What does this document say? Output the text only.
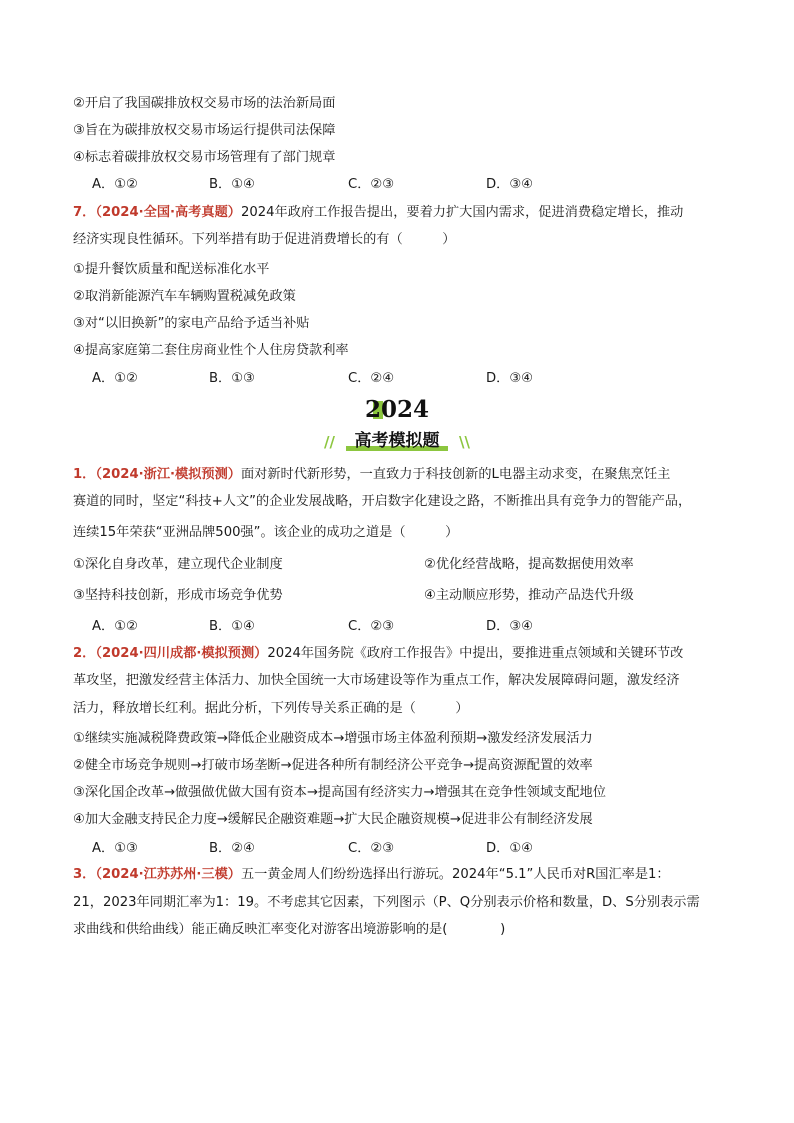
②开启了我国碳排放权交易市场的法治新局面
③旨在为碳排放权交易市场运行提供司法保障
④标志着碳排放权交易市场管理有了部门规章
A．①②	B．①④	C．②③	D．③④
7．（2024·全国·高考真题）2024年政府工作报告提出，要着力扩大国内需求，促进消费稳定增长，推动
经济实现良性循环。下列举措有助于促进消费增长的有（　　　）
①提升餐饮质量和配送标准化水平
②取消新能源汽车车辆购置税减免政策
③对“以旧换新”的家电产品给予适当补贴
④提高家庭第二套住房商业性个人住房贷款利率
A．①②	B．①③	C．②④	D．③④
2024
//	高考模拟题	\\
1．（2024·浙江·模拟预测）面对新时代新形势，一直致力于科技创新的L电器主动求变，在聚焦烹饪主
赛道的同时，坚定“科技+人文”的企业发展战略，开启数字化建设之路，不断推出具有竞争力的智能产品，
连续15年荣获“亚洲品牌500强”。该企业的成功之道是（　　　）
①深化自身改革，建立现代企业制度	②优化经营战略，提高数据使用效率
③坚持科技创新，形成市场竞争优势	④主动顺应形势，推动产品迭代升级
A．①②	B．①④	C．②③	D．③④
2．（2024·四川成都·模拟预测）2024年国务院《政府工作报告》中提出，要推进重点领域和关键环节改
革攻坚，把激发经营主体活力、加快全国统一大市场建设等作为重点工作，解决发展障碍问题，激发经济
活力，释放增长红利。据此分析，下列传导关系正确的是（　　　）
①继续实施减税降费政策→降低企业融资成本→增强市场主体盈利预期→激发经济发展活力
②健全市场竞争规则→打破市场垄断→促进各种所有制经济公平竞争→提高资源配置的效率
③深化国企改革→做强做优做大国有资本→提高国有经济实力→增强其在竞争性领域支配地位
④加大金融支持民企力度→缓解民企融资难题→扩大民企融资规模→促进非公有制经济发展
A．①③	B．②④	C．②③	D．①④
3．（2024·江苏苏州·三模）五一黄金周人们纷纷选择出行游玩。2024年“5.1”人民币对R国汇率是1：
21，2023年同期汇率为1：19。不考虑其它因素，下列图示（P、Q分别表示价格和数量，D、S分别表示需
求曲线和供给曲线）能正确反映汇率变化对游客出境游影响的是(　　　　)
